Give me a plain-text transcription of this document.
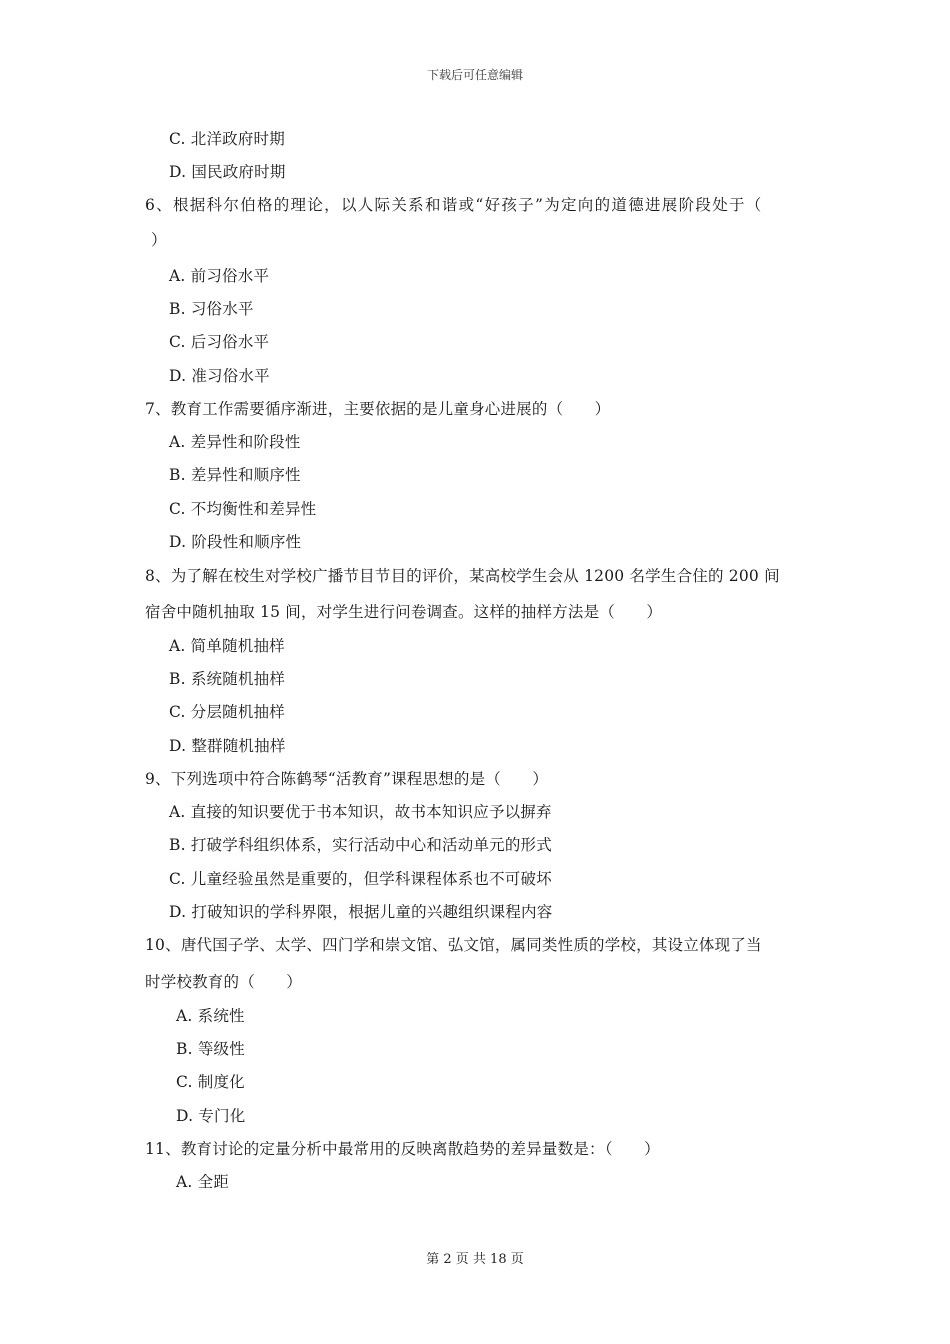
下载后可任意编辑
C. 北洋政府时期
D. 国民政府时期
6、根据科尔伯格的理论，以人际关系和谐或“好孩子”为定向的道德进展阶段处于（
）
A. 前习俗水平
B. 习俗水平
C. 后习俗水平
D. 准习俗水平
7、教育工作需要循序渐进，主要依据的是儿童身心进展的（　　）
A. 差异性和阶段性
B. 差异性和顺序性
C. 不均衡性和差异性
D. 阶段性和顺序性
8、为了解在校生对学校广播节目节目的评价，某高校学生会从 1200 名学生合住的 200 间
宿舍中随机抽取 15 间，对学生进行问卷调查。这样的抽样方法是（　　）
A. 简单随机抽样
B. 系统随机抽样
C. 分层随机抽样
D. 整群随机抽样
9、下列选项中符合陈鹤琴“活教育”课程思想的是（　　）
A. 直接的知识要优于书本知识，故书本知识应予以摒弃
B. 打破学科组织体系，实行活动中心和活动单元的形式
C. 儿童经验虽然是重要的，但学科课程体系也不可破坏
D. 打破知识的学科界限，根据儿童的兴趣组织课程内容
10、唐代国子学、太学、四门学和崇文馆、弘文馆，属同类性质的学校，其设立体现了当
时学校教育的（　　）
A. 系统性
B. 等级性
C. 制度化
D. 专门化
11、教育讨论的定量分析中最常用的反映离散趋势的差异量数是：（　　）
A. 全距
第 2 页 共 18 页
